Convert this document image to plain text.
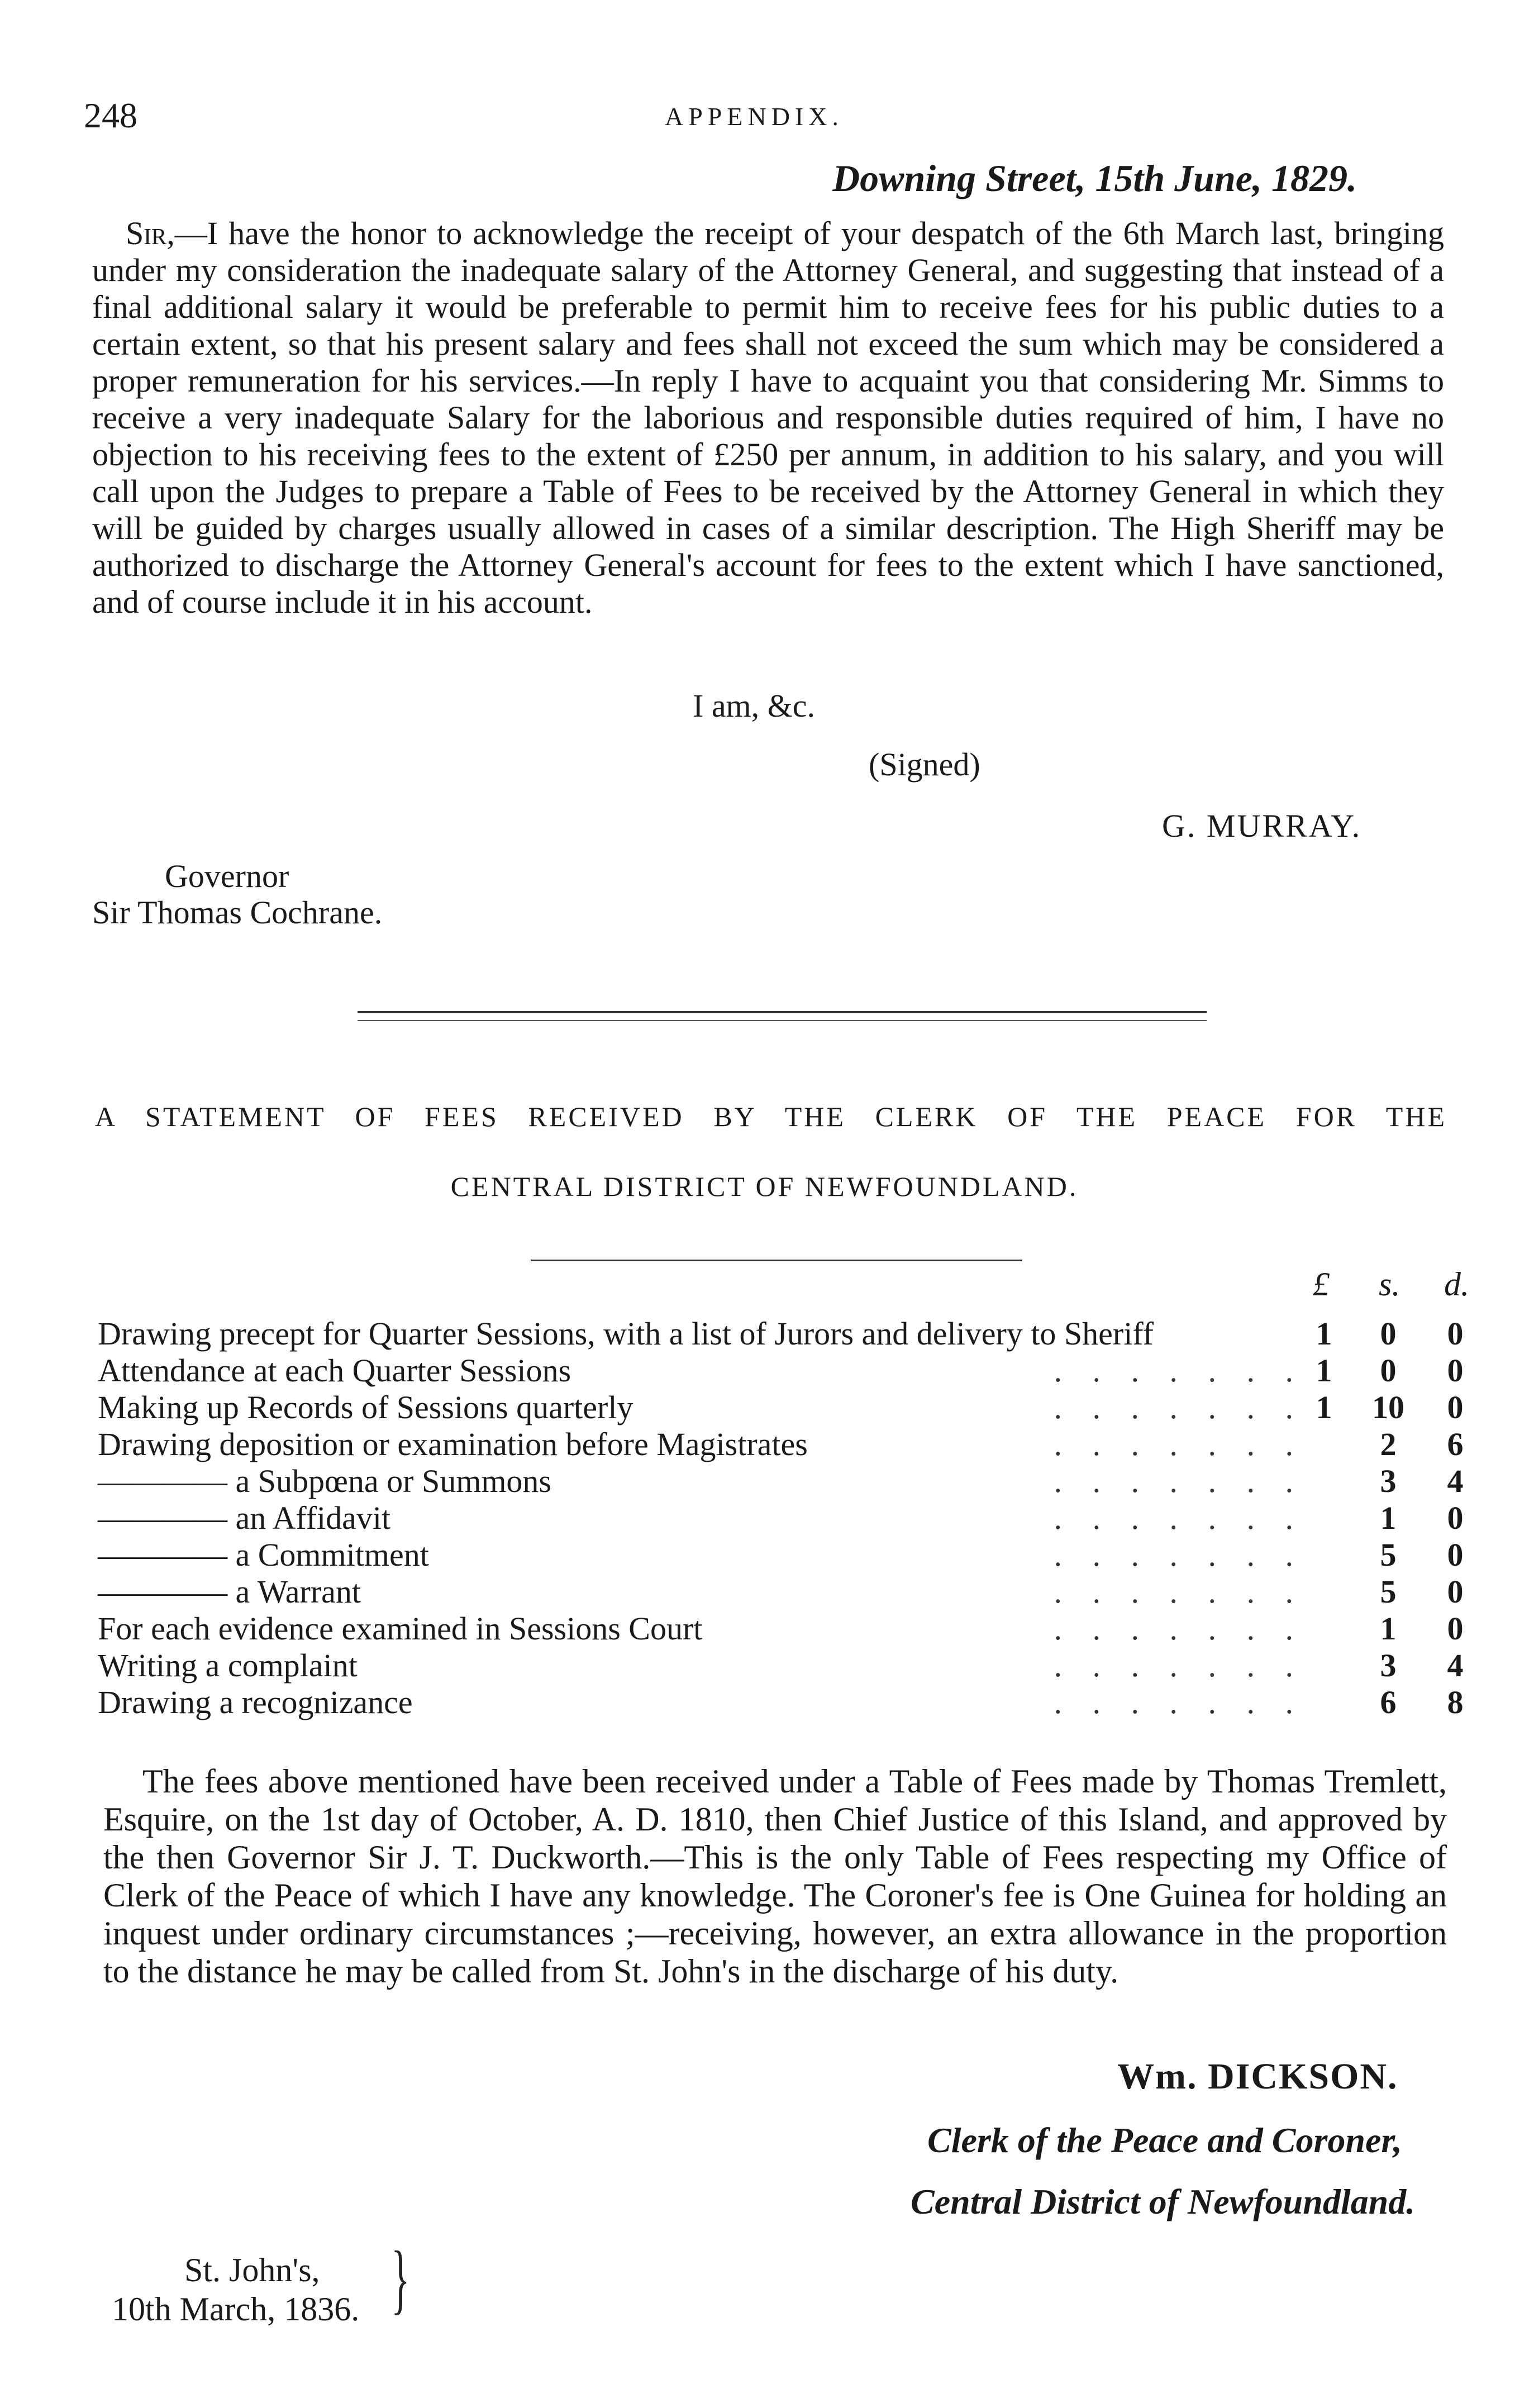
248	APPENDIX.
Downing Street, 15th June, 1829.
Sir,—I have the honor to acknowledge the receipt of your despatch of the 6th March last, bringing under my consideration the inadequate salary of the Attorney General, and suggesting that instead of a final additional salary it would be preferable to permit him to receive fees for his public duties to a certain extent, so that his present salary and fees shall not exceed the sum which may be considered a proper remuneration for his services.—In reply I have to acquaint you that considering Mr. Simms to receive a very inadequate Salary for the laborious and responsible duties required of him, I have no objection to his receiving fees to the extent of £250 per annum, in addition to his salary, and you will call upon the Judges to prepare a Table of Fees to be received by the Attorney General in which they will be guided by charges usually allowed in cases of a similar description. The High Sheriff may be authorized to discharge the Attorney General's account for fees to the extent which I have sanctioned, and of course include it in his account.
I am, &c.
(Signed)
G. MURRAY.
Governor
Sir Thomas Cochrane.
A STATEMENT OF FEES RECEIVED BY THE CLERK OF THE PEACE FOR THE
CENTRAL DISTRICT OF NEWFOUNDLAND.
£ s. d.
Drawing precept for Quarter Sessions, with a list of Jurors and delivery to Sheriff	1	0	0
Attendance at each Quarter Sessions	. . . . . . . 1	0	0
Making up Records of Sessions quarterly	. . . . . . . 1	10	0
Drawing deposition or examination before Magistrates	. . . . . . .	2	6
———— a Subpœna or Summons	. . . . . . .	3	4
———— an Affidavit	. . . . . . .	1	0
———— a Commitment	. . . . . . .	5	0
———— a Warrant	. . . . . . .	5	0
For each evidence examined in Sessions Court	. . . . . . .	1	0
Writing a complaint	. . . . . . .	3	4
Drawing a recognizance	. . . . . . .	6	8
The fees above mentioned have been received under a Table of Fees made by Thomas Tremlett, Esquire, on the 1st day of October, A. D. 1810, then Chief Justice of this Island, and approved by the then Governor Sir J. T. Duckworth.—This is the only Table of Fees respecting my Office of Clerk of the Peace of which I have any knowledge. The Coroner's fee is One Guinea for holding an inquest under ordinary circumstances ;—receiving, however, an extra allowance in the proportion to the distance he may be called from St. John's in the discharge of his duty.
Wm. DICKSON.
Clerk of the Peace and Coroner,
Central District of Newfoundland.
St. John's,
10th March, 1836. }
